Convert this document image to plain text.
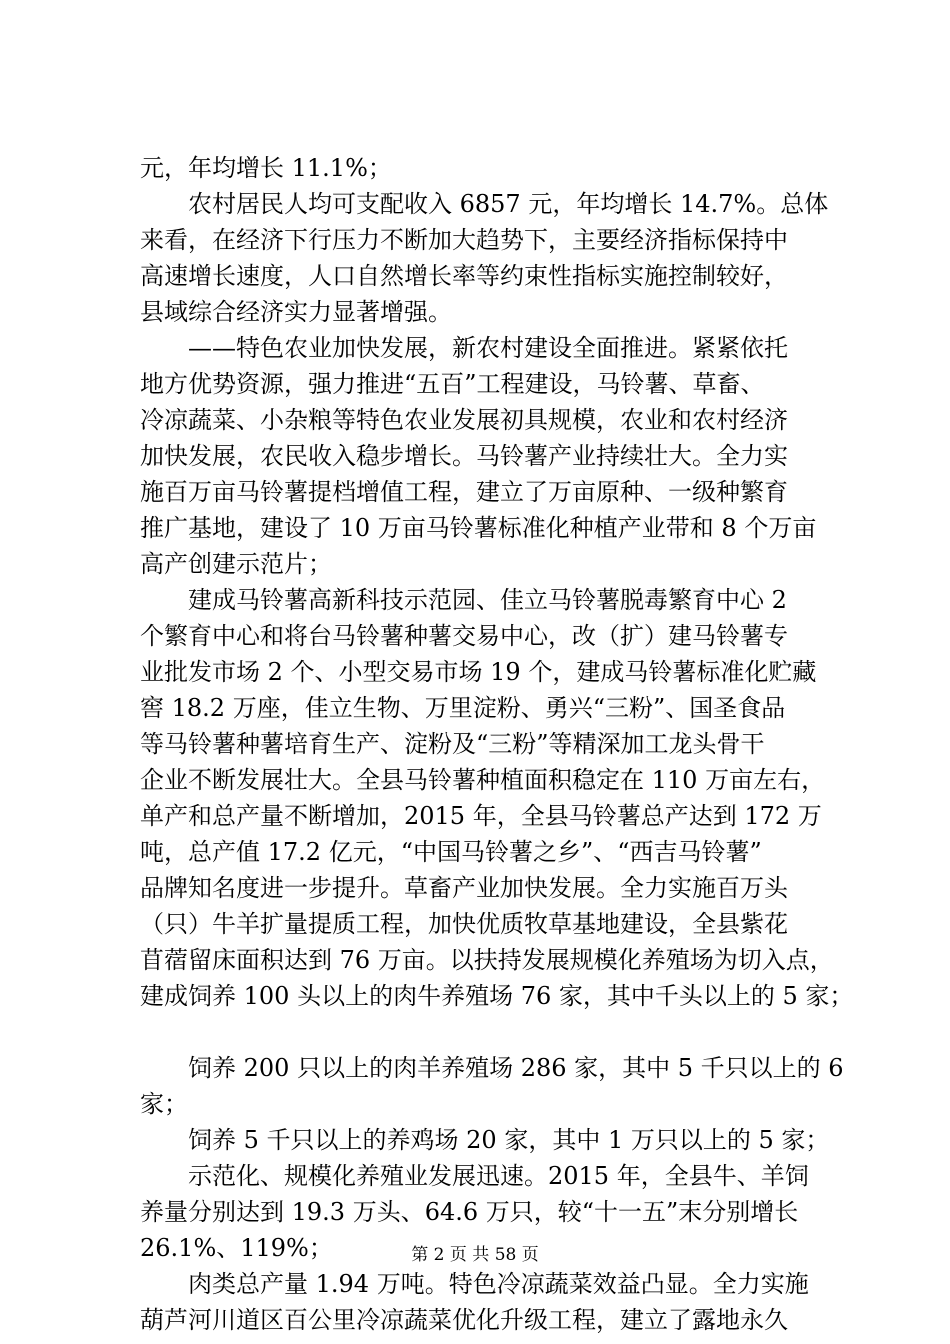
元，年均增长 11.1%；
　　农村居民人均可支配收入 6857 元，年均增长 14.7%。总体
来看，在经济下行压力不断加大趋势下，主要经济指标保持中
高速增长速度，人口自然增长率等约束性指标实施控制较好，
县域综合经济实力显著增强。
　　——特色农业加快发展，新农村建设全面推进。紧紧依托
地方优势资源，强力推进“五百”工程建设，马铃薯、草畜、
冷凉蔬菜、小杂粮等特色农业发展初具规模，农业和农村经济
加快发展，农民收入稳步增长。马铃薯产业持续壮大。全力实
施百万亩马铃薯提档增值工程，建立了万亩原种、一级种繁育
推广基地，建设了 10 万亩马铃薯标准化种植产业带和 8 个万亩
高产创建示范片；
　　建成马铃薯高新科技示范园、佳立马铃薯脱毒繁育中心 2
个繁育中心和将台马铃薯种薯交易中心，改（扩）建马铃薯专
业批发市场 2 个、小型交易市场 19 个，建成马铃薯标准化贮藏
窖 18.2 万座，佳立生物、万里淀粉、勇兴“三粉”、国圣食品
等马铃薯种薯培育生产、淀粉及“三粉”等精深加工龙头骨干
企业不断发展壮大。全县马铃薯种植面积稳定在 110 万亩左右，
单产和总产量不断增加，2015 年，全县马铃薯总产达到 172 万
吨，总产值 17.2 亿元，“中国马铃薯之乡”、“西吉马铃薯”
品牌知名度进一步提升。草畜产业加快发展。全力实施百万头
（只）牛羊扩量提质工程，加快优质牧草基地建设，全县紫花
苜蓿留床面积达到 76 万亩。以扶持发展规模化养殖场为切入点，
建成饲养 100 头以上的肉牛养殖场 76 家，其中千头以上的 5 家；
　　饲养 200 只以上的肉羊养殖场 286 家，其中 5 千只以上的 6
家；
　　饲养 5 千只以上的养鸡场 20 家，其中 1 万只以上的 5 家；
　　示范化、规模化养殖业发展迅速。2015 年，全县牛、羊饲
养量分别达到 19.3 万头、64.6 万只，较“十一五”末分别增长
26.1%、119%；
　　肉类总产量 1.94 万吨。特色冷凉蔬菜效益凸显。全力实施
葫芦河川道区百公里冷凉蔬菜优化升级工程，建立了露地永久
第 2 页 共 58 页
